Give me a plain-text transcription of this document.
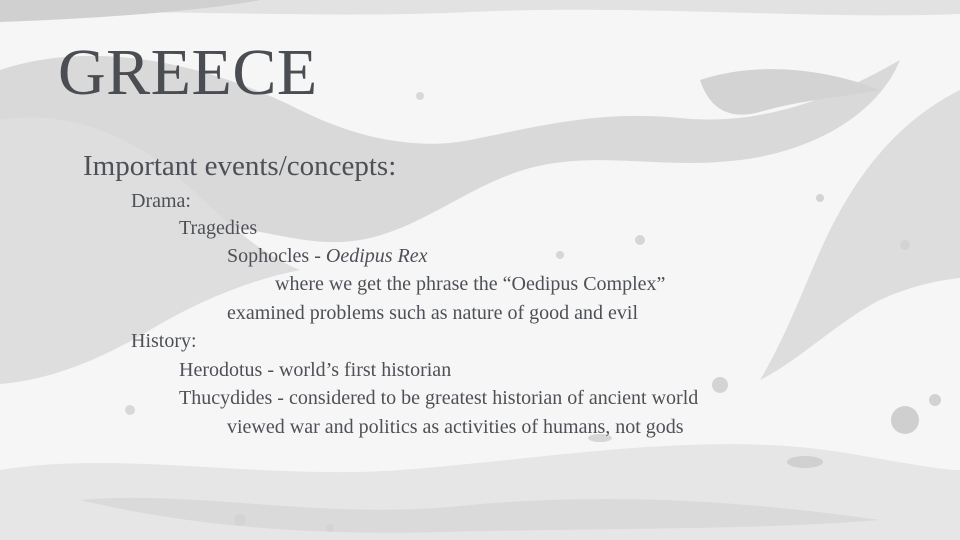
GREECE
Important events/concepts:
Drama:
Tragedies
Sophocles - Oedipus Rex
where we get the phrase the “Oedipus Complex”
examined problems such as nature of good and evil
History:
Herodotus - world’s first historian
Thucydides - considered to be greatest historian of ancient world
viewed war and politics as activities of humans, not gods
